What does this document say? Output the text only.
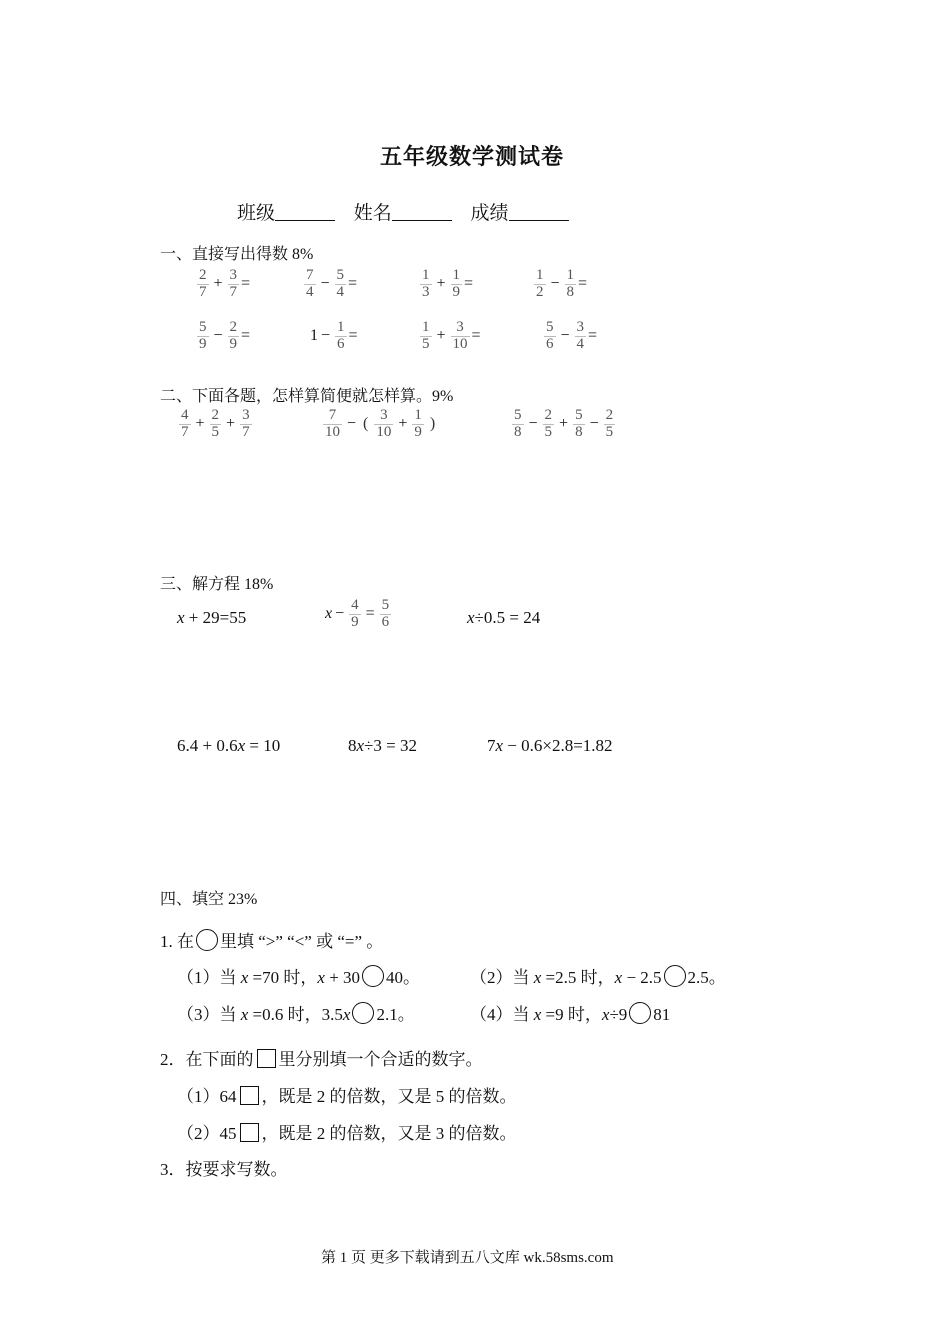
五年级数学测试卷
班级	姓名	成绩
一、直接写出得数 8%
$\frac{2}{7} + \frac{3}{7}$ =	$\frac{7}{4} - \frac{5}{4}$ =	$\frac{1}{3} + \frac{1}{9}$ =	$\frac{1}{2} - \frac{1}{8}$ =
$\frac{5}{9} - \frac{2}{9}$ =	$1 - \frac{1}{6}$ =	$\frac{1}{5} + \frac{3}{10}$ =	$\frac{5}{6} - \frac{3}{4}$ =
二、下面各题，怎样算简便就怎样算。9%
$\frac{4}{7} + \frac{2}{5} + \frac{3}{7}$	$\frac{7}{10}$ − ( $\frac{3}{10} + \frac{1}{9}$ )	$\frac{5}{8} - \frac{2}{5} + \frac{5}{8} - \frac{2}{5}$
三、解方程 18%
x + 29=55	$x - \frac{4}{9} = \frac{5}{6}$	x÷0.5 = 24
6.4 + 0.6x = 10	8x÷3 = 32	7x − 0.6×2.8=1.82
四、填空 23%
1. 在 里填 “>” “<” 或 “=” 。
（1）当 x =70 时，x + 30 40。	（2）当 x =2.5 时，x − 2.5 2.5。
（3）当 x =0.6 时，3.5x 2.1。	（4）当 x =9 时，x÷9 81
2．在下面的 里分别填一个合适的数字。
（1）64 ，既是 2 的倍数，又是 5 的倍数。
（2）45 ，既是 2 的倍数，又是 3 的倍数。
3．按要求写数。
第 1 页 更多下载请到五八文库 wk.58sms.com
